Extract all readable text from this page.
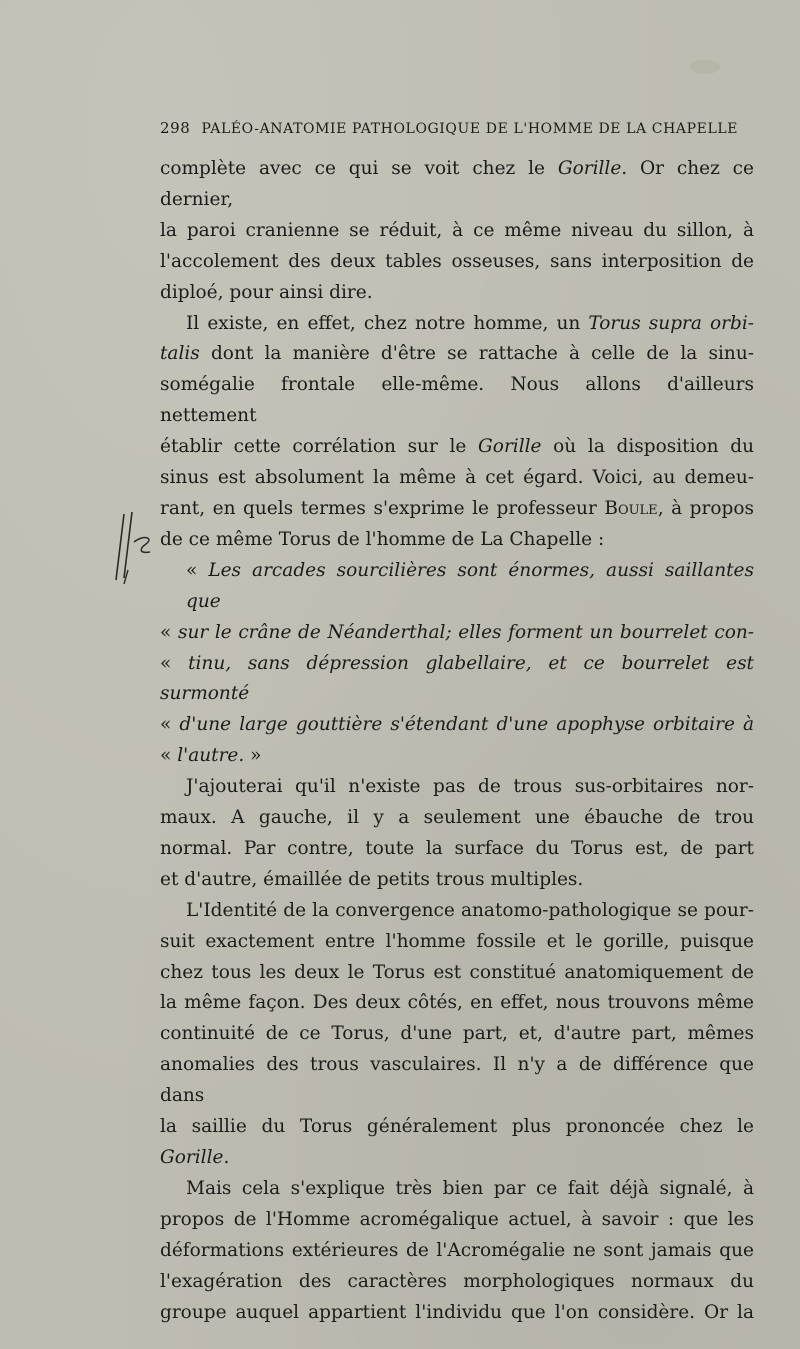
298 PALÉO-ANATOMIE PATHOLOGIQUE DE L'HOMME DE LA CHAPELLE
complète avec ce qui se voit chez le Gorille. Or chez ce dernier,
la paroi cranienne se réduit, à ce même niveau du sillon, à
l'accolement des deux tables osseuses, sans interposition de
diploé, pour ainsi dire.
Il existe, en effet, chez notre homme, un Torus supra orbi-
talis dont la manière d'être se rattache à celle de la sinu-
somégalie frontale elle-même. Nous allons d'ailleurs nettement
établir cette corrélation sur le Gorille où la disposition du
sinus est absolument la même à cet égard. Voici, au demeu-
rant, en quels termes s'exprime le professeur Boule, à propos
de ce même Torus de l'homme de La Chapelle :
« Les arcades sourcilières sont énormes, aussi saillantes que
« sur le crâne de Néanderthal; elles forment un bourrelet con-
« tinu, sans dépression glabellaire, et ce bourrelet est surmonté
« d'une large gouttière s'étendant d'une apophyse orbitaire à
« l'autre. »
J'ajouterai qu'il n'existe pas de trous sus-orbitaires nor-
maux. A gauche, il y a seulement une ébauche de trou
normal. Par contre, toute la surface du Torus est, de part
et d'autre, émaillée de petits trous multiples.
L'Identité de la convergence anatomo-pathologique se pour-
suit exactement entre l'homme fossile et le gorille, puisque
chez tous les deux le Torus est constitué anatomiquement de
la même façon. Des deux côtés, en effet, nous trouvons même
continuité de ce Torus, d'une part, et, d'autre part, mêmes
anomalies des trous vasculaires. Il n'y a de différence que dans
la saillie du Torus généralement plus prononcée chez le
Gorille.
Mais cela s'explique très bien par ce fait déjà signalé, à
propos de l'Homme acromégalique actuel, à savoir : que les
déformations extérieures de l'Acromégalie ne sont jamais que
l'exagération des caractères morphologiques normaux du
groupe auquel appartient l'individu que l'on considère. Or la
